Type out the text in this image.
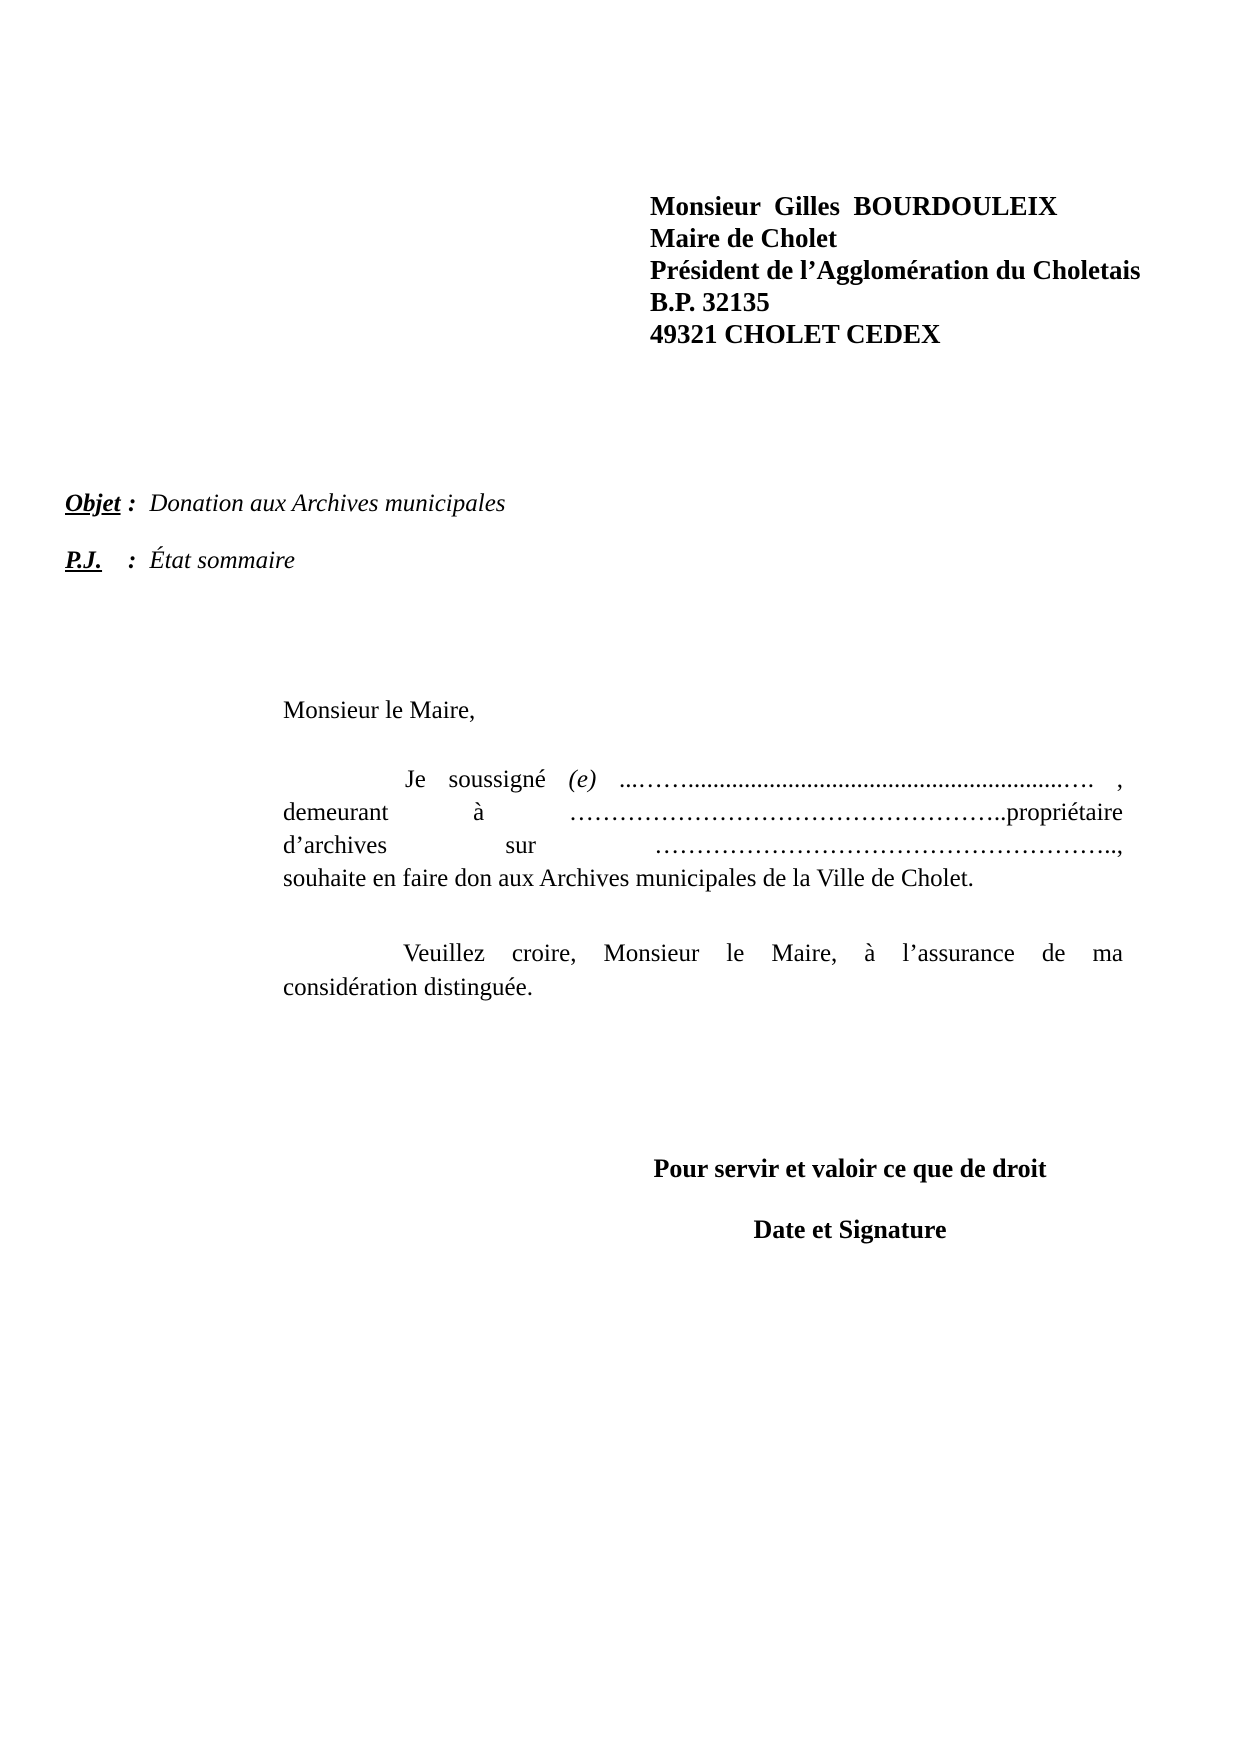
Monsieur  Gilles  BOURDOULEIX
Maire de Cholet
Président de l’Agglomération du Choletais
B.P. 32135
49321 CHOLET CEDEX
Objet : Donation aux Archives municipales
P.J. : État sommaire
Monsieur le Maire,
Je soussigné (e) ...……............................................................…. ,
demeurant à ……………………………………………..propriétaire
d’archives sur ………………………………………………..,
souhaite en faire don aux Archives municipales de la Ville de Cholet.
Veuillez croire, Monsieur le Maire, à l’assurance de ma
considération distinguée.
Pour servir et valoir ce que de droit
Date et Signature
